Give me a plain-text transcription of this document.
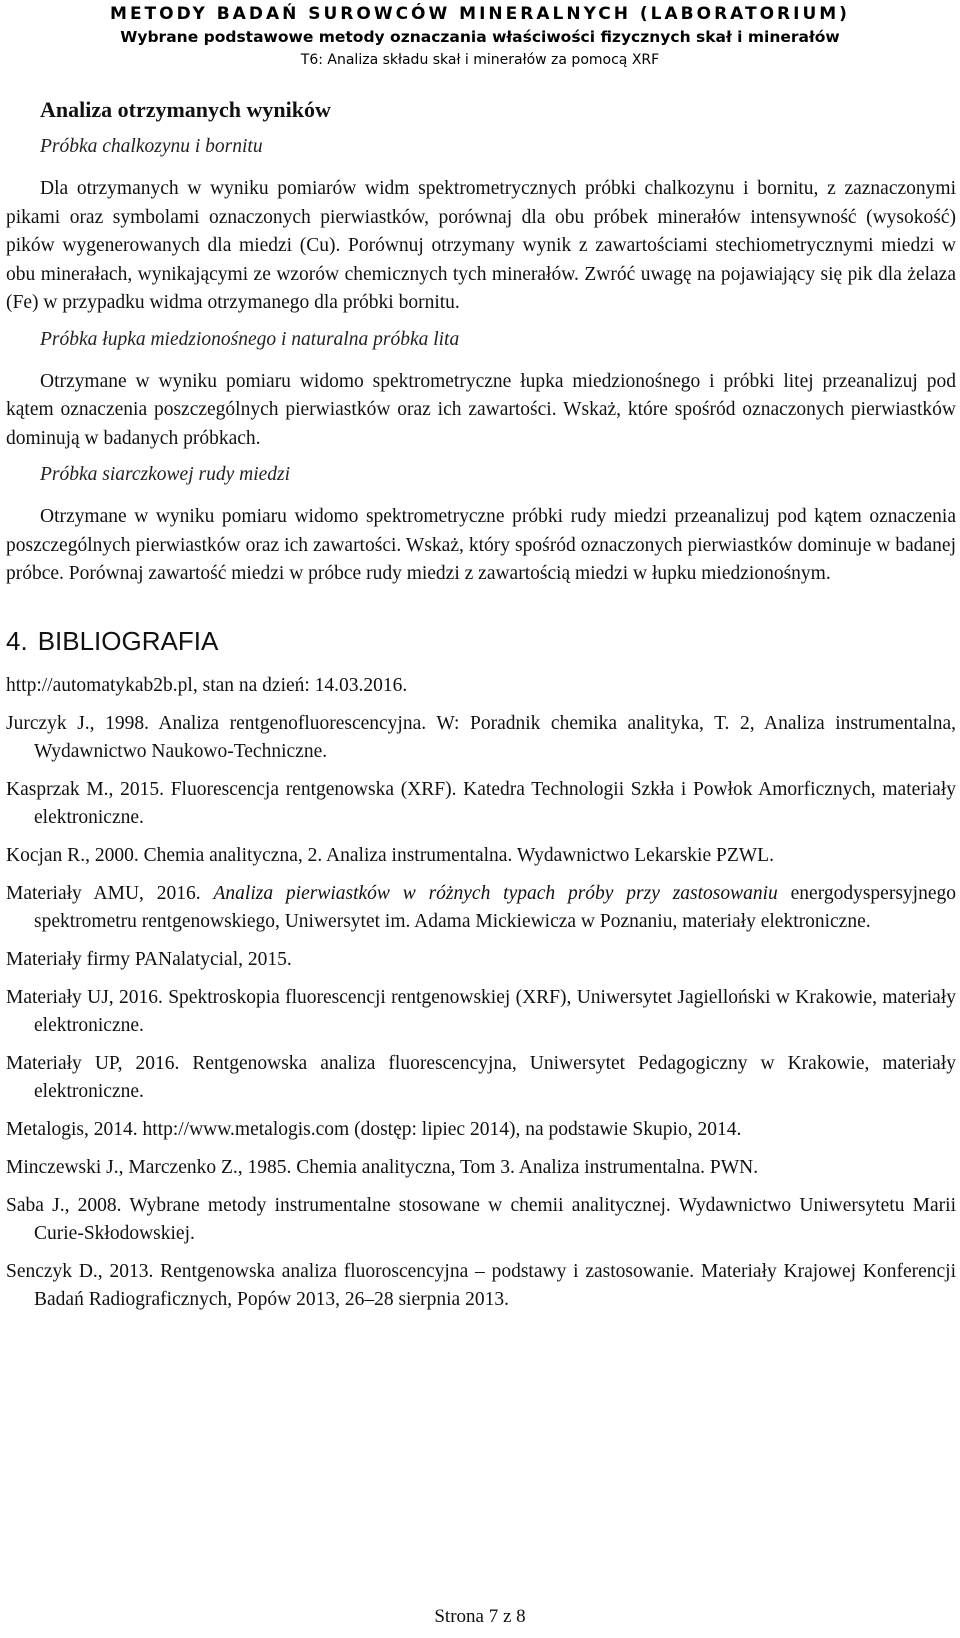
METODY BADAŃ SUROWCÓW MINERALNYCH (LABORATORIUM)
Wybrane podstawowe metody oznaczania właściwości fizycznych skał i minerałów
T6: Analiza składu skał i minerałów za pomocą XRF
Analiza otrzymanych wyników
Próbka chalkozynu i bornitu
Dla otrzymanych w wyniku pomiarów widm spektrometrycznych próbki chalkozynu i bornitu, z zaznaczonymi pikami oraz symbolami oznaczonych pierwiastków, porównaj dla obu próbek minerałów intensywność (wysokość) pików wygenerowanych dla miedzi (Cu). Porównuj otrzymany wynik z zawartościami stechiometrycznymi miedzi w obu minerałach, wynikającymi ze wzorów chemicznych tych minerałów. Zwróć uwagę na pojawiający się pik dla żelaza (Fe) w przypadku widma otrzymanego dla próbki bornitu.
Próbka łupka miedzionośnego i naturalna próbka lita
Otrzymane w wyniku pomiaru widomo spektrometryczne łupka miedzionośnego i próbki litej przeanalizuj pod kątem oznaczenia poszczególnych pierwiastków oraz ich zawartości. Wskaż, które spośród oznaczonych pierwiastków dominują w badanych próbkach.
Próbka siarczkowej rudy miedzi
Otrzymane w wyniku pomiaru widomo spektrometryczne próbki rudy miedzi przeanalizuj pod kątem oznaczenia poszczególnych pierwiastków oraz ich zawartości. Wskaż, który spośród oznaczonych pierwiastków dominuje w badanej próbce. Porównaj zawartość miedzi w próbce rudy miedzi z zawartością miedzi w łupku miedzionośnym.
4. BIBLIOGRAFIA
http://automatykab2b.pl, stan na dzień: 14.03.2016.
Jurczyk J., 1998. Analiza rentgenofluorescencyjna. W: Poradnik chemika analityka, T. 2, Analiza instrumentalna, Wydawnictwo Naukowo-Techniczne.
Kasprzak M., 2015. Fluorescencja rentgenowska (XRF). Katedra Technologii Szkła i Powłok Amorficznych, materiały elektroniczne.
Kocjan R., 2000. Chemia analityczna, 2. Analiza instrumentalna. Wydawnictwo Lekarskie PZWL.
Materiały AMU, 2016. Analiza pierwiastków w różnych typach próby przy zastosowaniu energodyspersyjnego spektrometru rentgenowskiego, Uniwersytet im. Adama Mickiewicza w Poznaniu, materiały elektroniczne.
Materiały firmy PANalatycial, 2015.
Materiały UJ, 2016. Spektroskopia fluorescencji rentgenowskiej (XRF), Uniwersytet Jagielloński w Krakowie, materiały elektroniczne.
Materiały UP, 2016. Rentgenowska analiza fluorescencyjna, Uniwersytet Pedagogiczny w Krakowie, materiały elektroniczne.
Metalogis, 2014. http://www.metalogis.com (dostęp: lipiec 2014), na podstawie Skupio, 2014.
Minczewski J., Marczenko Z., 1985. Chemia analityczna, Tom 3. Analiza instrumentalna. PWN.
Saba J., 2008. Wybrane metody instrumentalne stosowane w chemii analitycznej. Wydawnictwo Uniwersytetu Marii Curie-Skłodowskiej.
Senczyk D., 2013. Rentgenowska analiza fluoroscencyjna – podstawy i zastosowanie. Materiały Krajowej Konferencji Badań Radiograficznych, Popów 2013, 26–28 sierpnia 2013.
Strona 7 z 8
